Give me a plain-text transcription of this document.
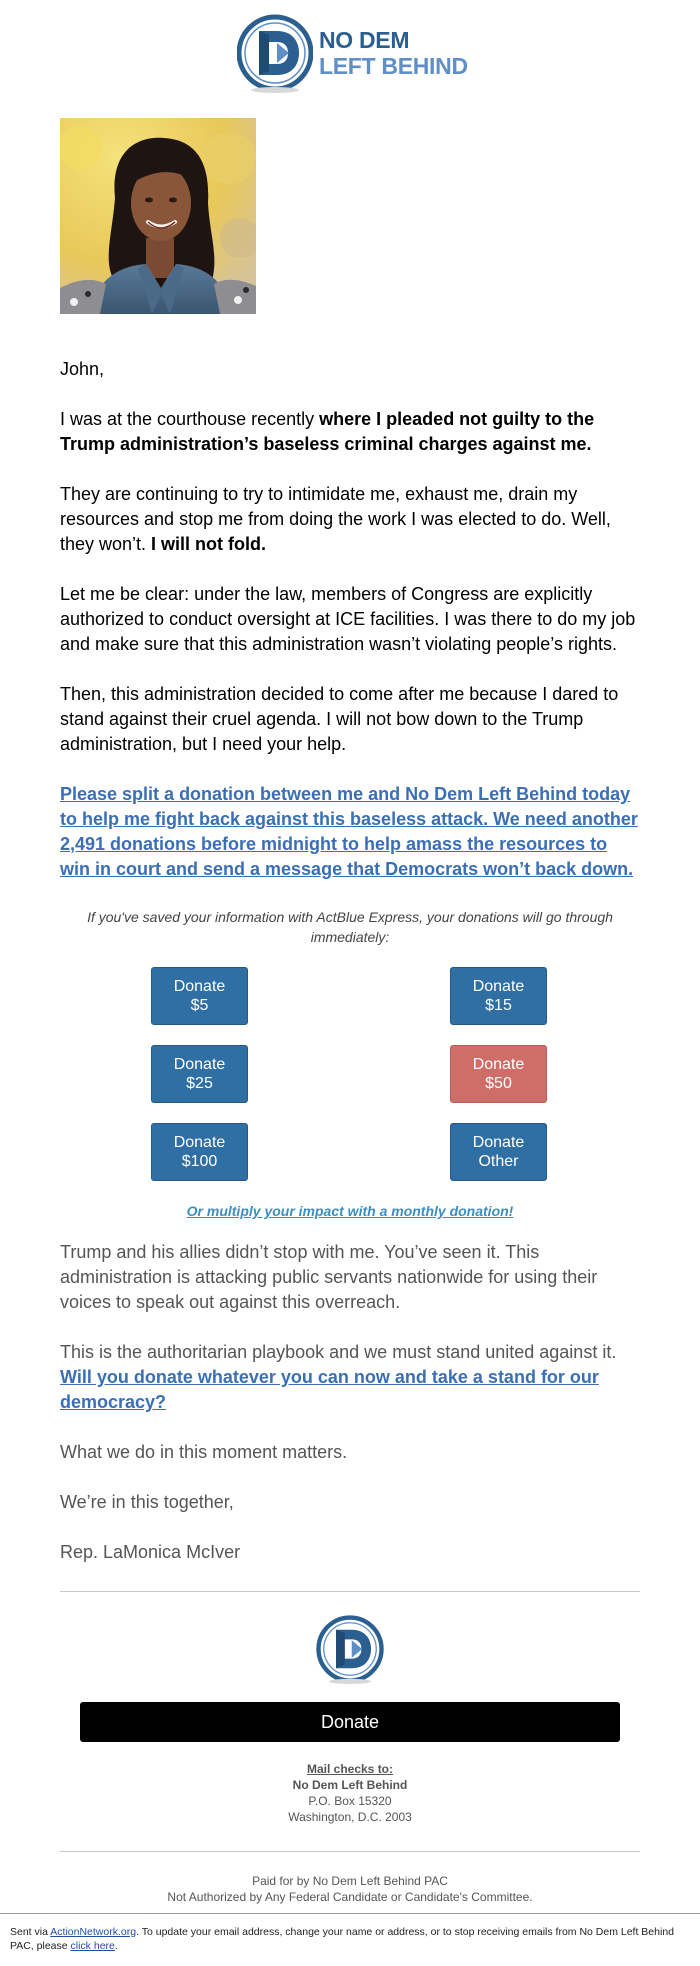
NO DEM
LEFT BEHIND

John,

I was at the courthouse recently where I pleaded not guilty to the Trump administration’s baseless criminal charges against me.

They are continuing to try to intimidate me, exhaust me, drain my resources and stop me from doing the work I was elected to do. Well, they won’t. I will not fold.

Let me be clear: under the law, members of Congress are explicitly authorized to conduct oversight at ICE facilities. I was there to do my job and make sure that this administration wasn’t violating people’s rights.

Then, this administration decided to come after me because I dared to stand against their cruel agenda. I will not bow down to the Trump administration, but I need your help.

Please split a donation between me and No Dem Left Behind today to help me fight back against this baseless attack. We need another 2,491 donations before midnight to help amass the resources to win in court and send a message that Democrats won’t back down.

If you've saved your information with ActBlue Express, your donations will go through immediately:
Donate
$5
Donate
$15
Donate
$25
Donate
$50
Donate
$100
Donate
Other
Or multiply your impact with a monthly donation!

Trump and his allies didn’t stop with me. You’ve seen it. This administration is attacking public servants nationwide for using their voices to speak out against this overreach.

This is the authoritarian playbook and we must stand united against it. Will you donate whatever you can now and take a stand for our democracy?

What we do in this moment matters.

We’re in this together,

Rep. LaMonica McIver

Donate
Mail checks to:
No Dem Left Behind
P.O. Box 15320
Washington, D.C. 2003
Paid for by No Dem Left Behind PAC
Not Authorized by Any Federal Candidate or Candidate's Committee.
Sent via ActionNetwork.org. To update your email address, change your name or address, or to stop receiving emails from No Dem Left Behind PAC, please click here.
